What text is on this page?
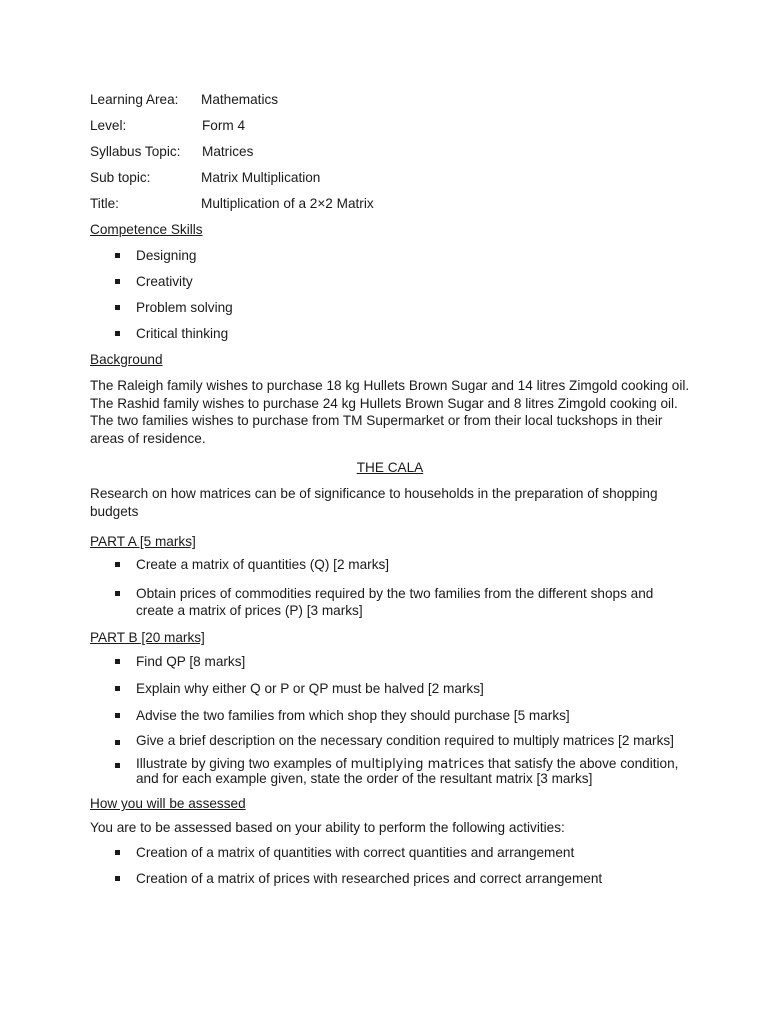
Learning Area:	Mathematics
Level:	Form 4
Syllabus Topic:	Matrices
Sub topic:	Matrix Multiplication
Title:	Multiplication of a 2×2 Matrix
Competence Skills
Designing
Creativity
Problem solving
Critical thinking
Background

The Raleigh family wishes to purchase 18 kg Hullets Brown Sugar and 14 litres Zimgold cooking oil. The Rashid family wishes to purchase 24 kg Hullets Brown Sugar and 8 litres Zimgold cooking oil. The two families wishes to purchase from TM Supermarket or from their local tuckshops in their areas of residence.

THE CALA

Research on how matrices can be of significance to households in the preparation of shopping budgets

PART A [5 marks]
Create a matrix of quantities (Q) [2 marks]
Obtain prices of commodities required by the two families from the different shops and create a matrix of prices (P) [3 marks]
PART B [20 marks]
Find QP [8 marks]
Explain why either Q or P or QP must be halved [2 marks]
Advise the two families from which shop they should purchase [5 marks]
Give a brief description on the necessary condition required to multiply matrices [2 marks]
Illustrate by giving two examples of multiplying matrices that satisfy the above condition, and for each example given, state the order of the resultant matrix [3 marks]
How you will be assessed

You are to be assessed based on your ability to perform the following activities:

Creation of a matrix of quantities with correct quantities and arrangement
Creation of a matrix of prices with researched prices and correct arrangement
